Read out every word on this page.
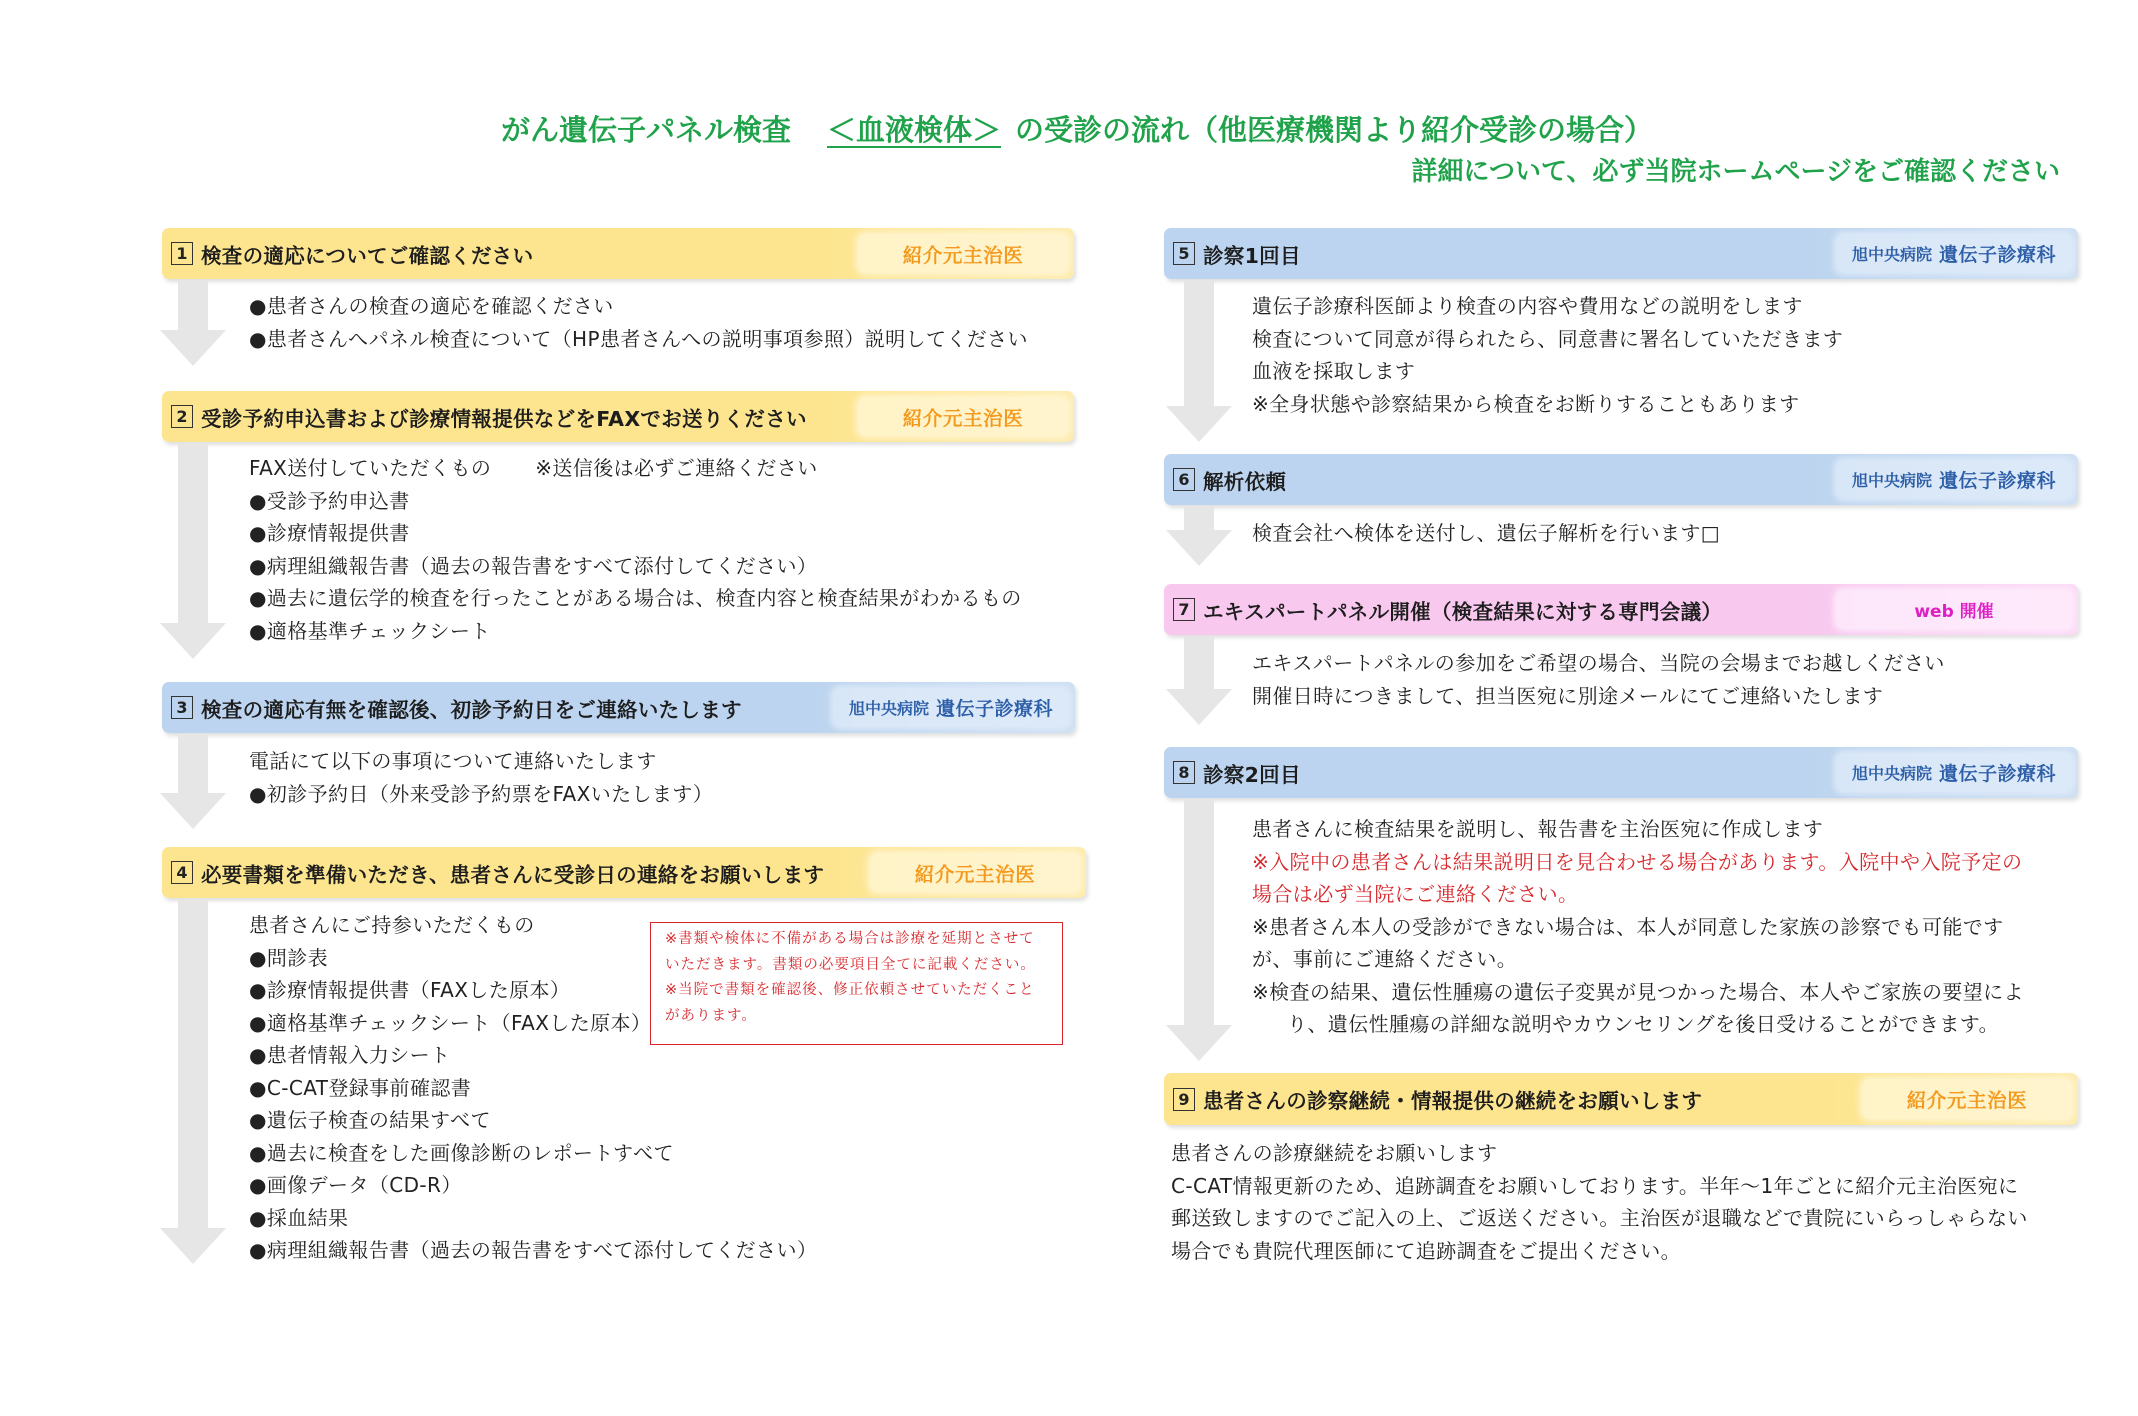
がん遺伝子パネル検査 ＜血液検体＞ の受診の流れ（他医療機関より紹介受診の場合）
詳細について、必ず当院ホームページをご確認ください
1 検査の適応についてご確認ください	紹介元主治医
●患者さんの検査の適応を確認ください
●患者さんへパネル検査について（HP患者さんへの説明事項参照）説明してください
2 受診予約申込書および診療情報提供などをFAXでお送りください	紹介元主治医
FAX送付していただくもの ※送信後は必ずご連絡ください
●受診予約申込書
●診療情報提供書
●病理組織報告書（過去の報告書をすべて添付してください）
●過去に遺伝学的検査を行ったことがある場合は、検査内容と検査結果がわかるもの
●適格基準チェックシート
3 検査の適応有無を確認後、初診予約日をご連絡いたします	旭中央病院 遺伝子診療科
電話にて以下の事項について連絡いたします
●初診予約日（外来受診予約票をFAXいたします）
4 必要書類を準備いただき、患者さんに受診日の連絡をお願いします	紹介元主治医
患者さんにご持参いただくもの
●問診表
●診療情報提供書（FAXした原本）
●適格基準チェックシート（FAXした原本）
●患者情報入力シート
●C-CAT登録事前確認書
●遺伝子検査の結果すべて
●過去に検査をした画像診断のレポートすべて
●画像データ（CD-R）
●採血結果
●病理組織報告書（過去の報告書をすべて添付してください）
※書類や検体に不備がある場合は診療を延期とさせて
いただきます。書類の必要項目全てに記載ください。
※当院で書類を確認後、修正依頼させていただくこと
があります。
5 診察1回目	旭中央病院 遺伝子診療科
遺伝子診療科医師より検査の内容や費用などの説明をします
検査について同意が得られたら、同意書に署名していただきます
血液を採取します
※全身状態や診察結果から検査をお断りすることもあります
6 解析依頼	旭中央病院 遺伝子診療科
検査会社へ検体を送付し、遺伝子解析を行います□
7 エキスパートパネル開催（検査結果に対する専門会議）	web 開催
エキスパートパネルの参加をご希望の場合、当院の会場までお越しください
開催日時につきまして、担当医宛に別途メールにてご連絡いたします
8 診察2回目	旭中央病院 遺伝子診療科
患者さんに検査結果を説明し、報告書を主治医宛に作成します
※入院中の患者さんは結果説明日を見合わせる場合があります。入院中や入院予定の
場合は必ず当院にご連絡ください。
※患者さん本人の受診ができない場合は、本人が同意した家族の診察でも可能です
が、事前にご連絡ください。
※検査の結果、遺伝性腫瘍の遺伝子変異が見つかった場合、本人やご家族の要望によ
り、遺伝性腫瘍の詳細な説明やカウンセリングを後日受けることができます。
9 患者さんの診察継続・情報提供の継続をお願いします	紹介元主治医
患者さんの診療継続をお願いします
C-CAT情報更新のため、追跡調査をお願いしております。半年～1年ごとに紹介元主治医宛に
郵送致しますのでご記入の上、ご返送ください。主治医が退職などで貴院にいらっしゃらない
場合でも貴院代理医師にて追跡調査をご提出ください。
